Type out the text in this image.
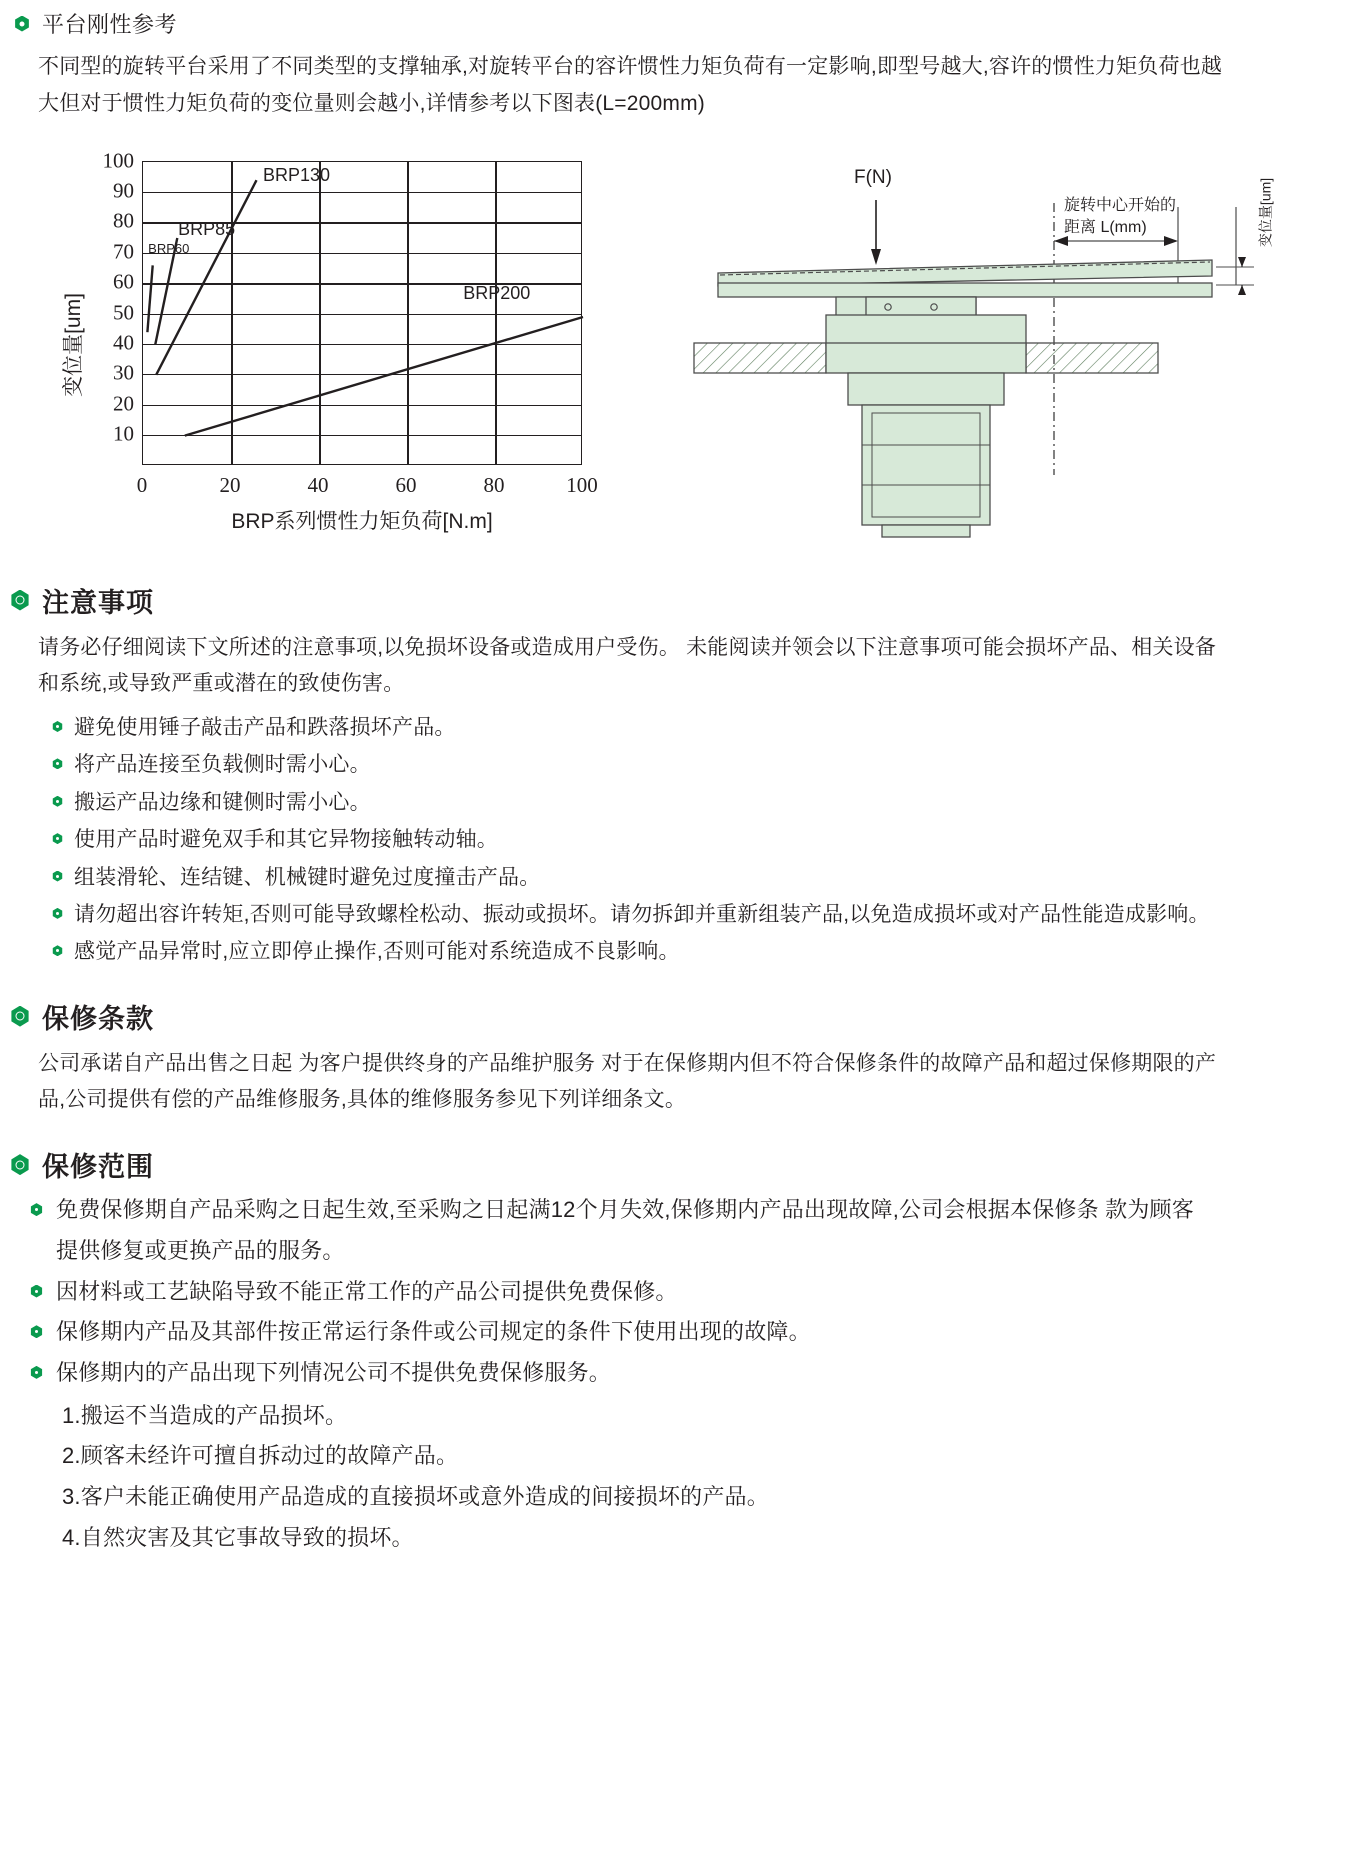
平台刚性参考

不同型的旋转平台采用了不同类型的支撑轴承,对旋转平台的容许惯性力矩负荷有一定影响,即型号越大,容许的惯性力矩负荷也越大但对于惯性力矩负荷的变位量则会越小,详情参考以下图表(L=200mm)

变位量[um]
10
20
30
40
50
60
70
80
90
100
0	20	40	60	80	100
BRP系列惯性力矩负荷[N.m]
BRP60
BRP85
BRP130
BRP200
F(N)
旋转中心开始的
距离 L(mm)	变位量[um]
注意事项

请务必仔细阅读下文所述的注意事项,以免损坏设备或造成用户受伤。 未能阅读并领会以下注意事项可能会损坏产品、相关设备和系统,或导致严重或潜在的致使伤害。

避免使用锤子敲击产品和跌落损坏产品。
将产品连接至负载侧时需小心。
搬运产品边缘和键侧时需小心。
使用产品时避免双手和其它异物接触转动轴。
组装滑轮、连结键、机械键时避免过度撞击产品。
请勿超出容许转矩,否则可能导致螺栓松动、振动或损坏。请勿拆卸并重新组装产品,以免造成损坏或对产品性能造成影响。
感觉产品异常时,应立即停止操作,否则可能对系统造成不良影响。
保修条款

公司承诺自产品出售之日起 为客户提供终身的产品维护服务 对于在保修期内但不符合保修条件的故障产品和超过保修期限的产品,公司提供有偿的产品维修服务,具体的维修服务参见下列详细条文。

保修范围
免费保修期自产品采购之日起生效,至采购之日起满12个月失效,保修期内产品出现故障,公司会根据本保修条 款为顾客提供修复或更换产品的服务。
因材料或工艺缺陷导致不能正常工作的产品公司提供免费保修。
保修期内产品及其部件按正常运行条件或公司规定的条件下使用出现的故障。
保修期内的产品出现下列情况公司不提供免费保修服务。
1.搬运不当造成的产品损坏。
2.顾客未经许可擅自拆动过的故障产品。
3.客户未能正确使用产品造成的直接损坏或意外造成的间接损坏的产品。
4.自然灾害及其它事故导致的损坏。
